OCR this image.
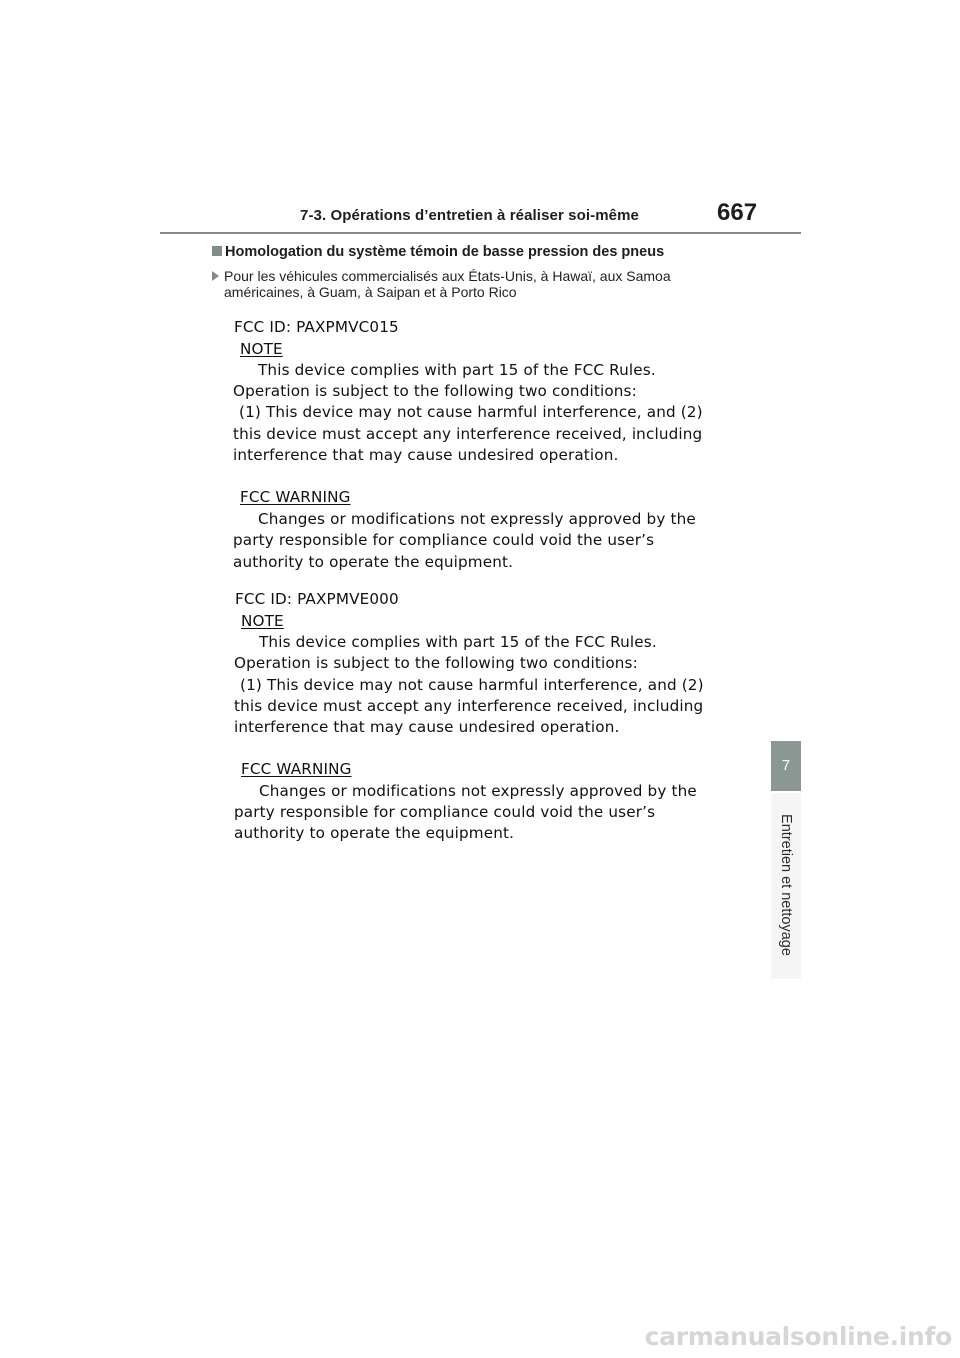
7-3. Opérations d’entretien à réaliser soi-même	667
Homologation du système témoin de basse pression des pneus
Pour les véhicules commercialisés aux États-Unis, à Hawaï, aux Samoa
américaines, à Guam, à Saipan et à Porto Rico
FCC ID: PAXPMVC015
NOTE
This device complies with part 15 of the FCC Rules.
Operation is subject to the following two conditions:
(1) This device may not cause harmful interference, and (2)
this device must accept any interference received, including
interference that may cause undesired operation.
FCC WARNING
Changes or modifications not expressly approved by the
party responsible for compliance could void the user’s
authority to operate the equipment.
FCC ID: PAXPMVE000
NOTE
This device complies with part 15 of the FCC Rules.
Operation is subject to the following two conditions:
(1) This device may not cause harmful interference, and (2)
this device must accept any interference received, including
interference that may cause undesired operation.
FCC WARNING
Changes or modifications not expressly approved by the
party responsible for compliance could void the user’s
authority to operate the equipment.
7
Entretien et nettoyage
carmanualsonline.info
